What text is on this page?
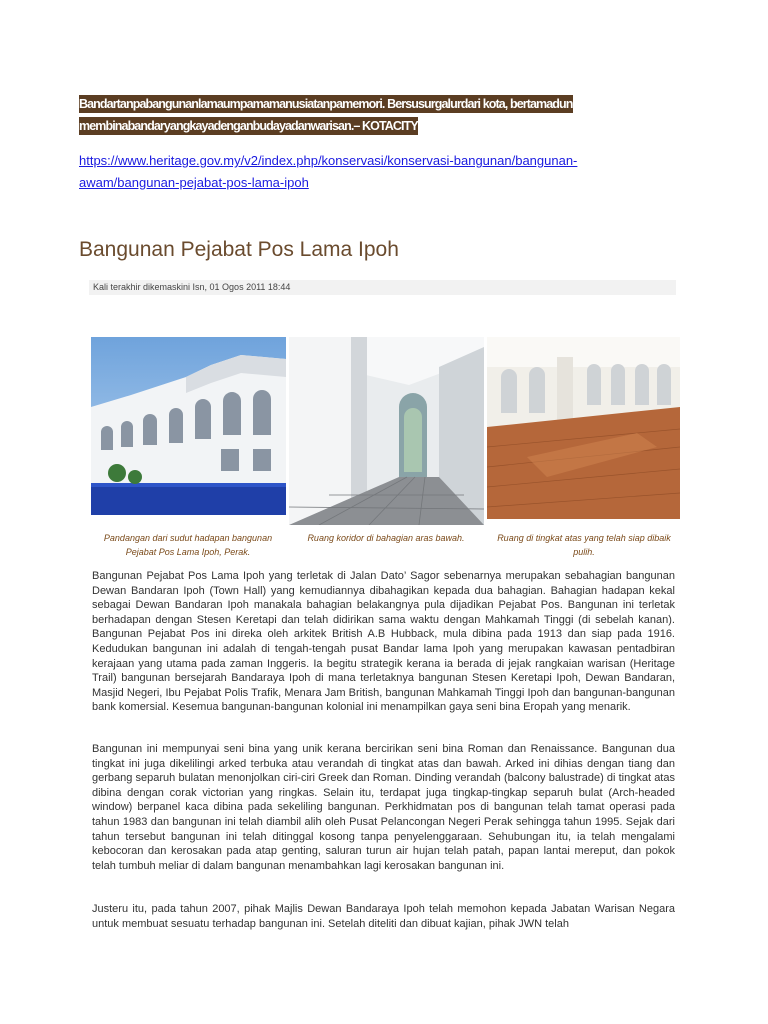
Bandartanpabangunanlamaumpamamanusiatanpamemori. Bersusurgalurdari kota, bertamadun
membinabandaryangkayadenganbudayadanwarisan.– KOTACITY

https://www.heritage.gov.my/v2/index.php/konservasi/konservasi-bangunan/bangunan-awam/bangunan-pejabat-pos-lama-ipoh
Bangunan Pejabat Pos Lama Ipoh
Kali terakhir dikemaskini Isn, 01 Ogos 2011 18:44

Pandangan dari sudut hadapan bangunan Pejabat Pos Lama Ipoh, Perak.

Ruang koridor di bahagian aras bawah.	Ruang di tingkat atas yang telah siap dibaik pulih.

Bangunan Pejabat Pos Lama Ipoh yang terletak di Jalan Dato’ Sagor sebenarnya merupakan sebahagian bangunan Dewan Bandaran Ipoh (Town Hall) yang kemudiannya dibahagikan kepada dua bahagian. Bahagian hadapan kekal sebagai Dewan Bandaran Ipoh manakala bahagian belakangnya pula dijadikan Pejabat Pos. Bangunan ini terletak berhadapan dengan Stesen Keretapi dan telah didirikan sama waktu dengan Mahkamah Tinggi (di sebelah kanan). Bangunan Pejabat Pos ini direka oleh arkitek British A.B Hubback, mula dibina pada 1913 dan siap pada 1916. Kedudukan bangunan ini adalah di tengah-tengah pusat Bandar lama Ipoh yang merupakan kawasan pentadbiran kerajaan yang utama pada zaman Inggeris. Ia begitu strategik kerana ia berada di jejak rangkaian warisan (Heritage Trail) bangunan bersejarah Bandaraya Ipoh di mana terletaknya bangunan Stesen Keretapi Ipoh, Dewan Bandaran, Masjid Negeri, Ibu Pejabat Polis Trafik, Menara Jam British, bangunan Mahkamah Tinggi Ipoh dan bangunan-bangunan bank komersial. Kesemua bangunan-bangunan kolonial ini menampilkan gaya seni bina Eropah yang menarik.

Bangunan ini mempunyai seni bina yang unik kerana bercirikan seni bina Roman dan Renaissance. Bangunan dua tingkat ini juga dikelilingi arked terbuka atau verandah di tingkat atas dan bawah. Arked ini dihias dengan tiang dan gerbang separuh bulatan menonjolkan ciri-ciri Greek dan Roman. Dinding verandah (balcony balustrade) di tingkat atas dibina dengan corak victorian yang ringkas. Selain itu, terdapat juga tingkap-tingkap separuh bulat (Arch-headed window) berpanel kaca dibina pada sekeliling bangunan. Perkhidmatan pos di bangunan telah tamat operasi pada tahun 1983 dan bangunan ini telah diambil alih oleh Pusat Pelancongan Negeri Perak sehingga tahun 1995. Sejak dari tahun tersebut bangunan ini telah ditinggal kosong tanpa penyelenggaraan. Sehubungan itu, ia telah mengalami kebocoran dan kerosakan pada atap genting, saluran turun air hujan telah patah, papan lantai mereput, dan pokok telah tumbuh meliar di dalam bangunan menambahkan lagi kerosakan bangunan ini.

Justeru itu, pada tahun 2007, pihak Majlis Dewan Bandaraya Ipoh telah memohon kepada Jabatan Warisan Negara untuk membuat sesuatu terhadap bangunan ini. Setelah diteliti dan dibuat kajian, pihak JWN telah
